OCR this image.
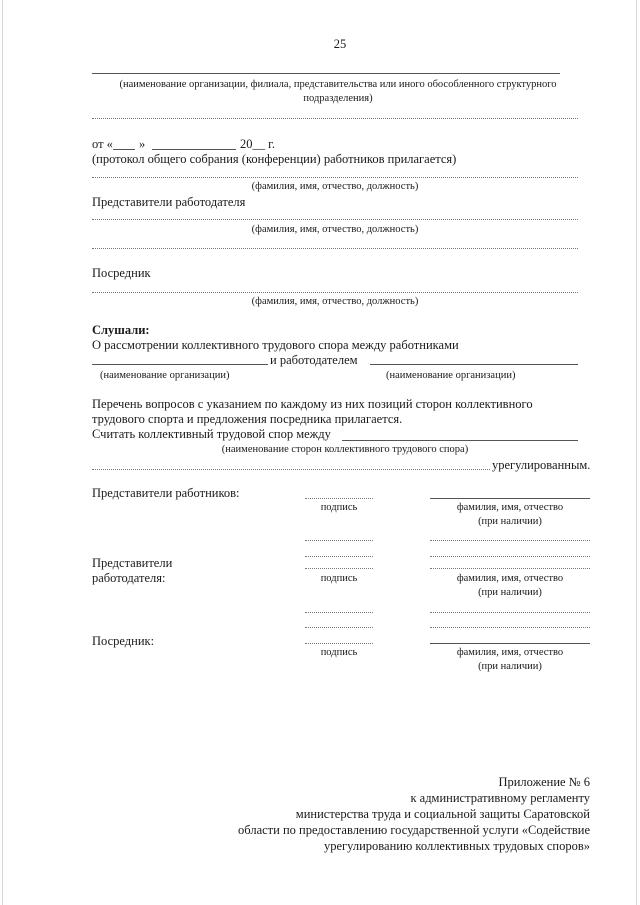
25
(наименование организации, филиала, представительства или иного обособленного структурного
подразделения)
от « »	20__ г.
(протокол общего собрания (конференции) работников прилагается)
(фамилия, имя, отчество, должность)
Представители работодателя
(фамилия, имя, отчество, должность)
Посредник
(фамилия, имя, отчество, должность)
Слушали:
О рассмотрении коллективного трудового спора между работниками
и работодателем
(наименование организации)	(наименование организации)
Перечень вопросов с указанием по каждому из них позиций сторон коллективного
трудового спорта и предложения посредника прилагается.
Считать коллективный трудовой спор между
(наименование сторон коллективного трудового спора)
урегулированным.
Представители работников:
подпись	фамилия, имя, отчество
(при наличии)
Представители
работодателя:	подпись	фамилия, имя, отчество
(при наличии)
Посредник:
подпись	фамилия, имя, отчество
(при наличии)
Приложение № 6
к административному регламенту
министерства труда и социальной защиты Саратовской
области по предоставлению государственной услуги «Содействие
урегулированию коллективных трудовых споров»
